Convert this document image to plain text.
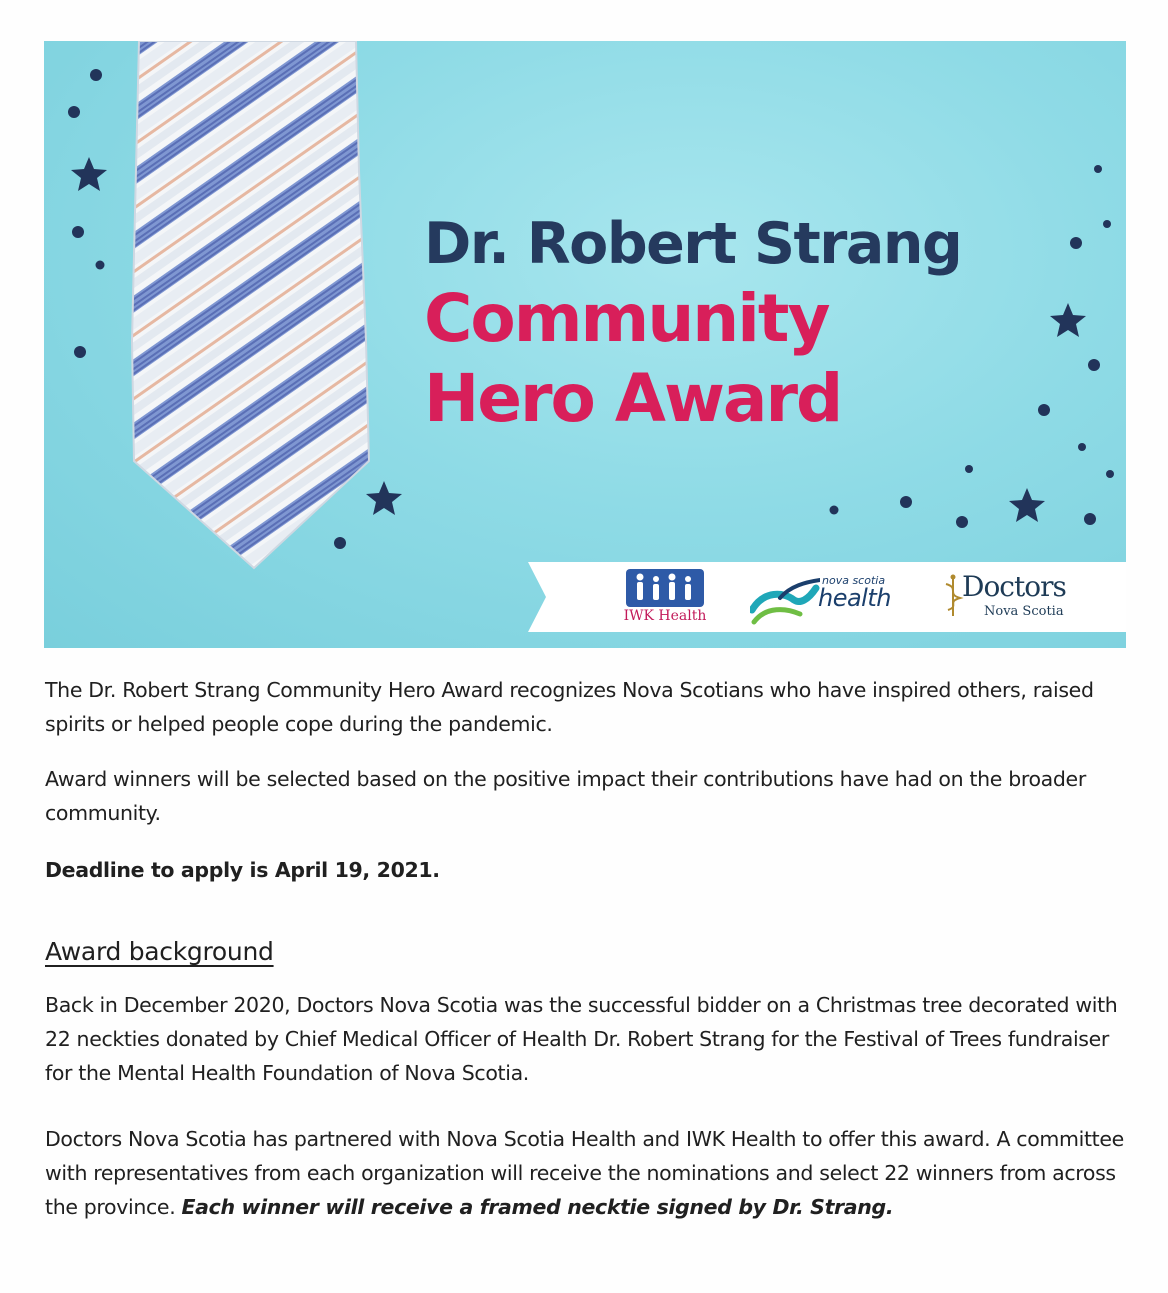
Dr. Robert Strang
Community
Hero Award
IWK Health
nova scotia
health	Doctors
Nova Scotia
The Dr. Robert Strang Community Hero Award recognizes Nova Scotians who have inspired others, raised spirits or helped people cope during the pandemic.
Award winners will be selected based on the positive impact their contributions have had on the broader community.
Deadline to apply is April 19, 2021.
Award background
Back in December 2020, Doctors Nova Scotia was the successful bidder on a Christmas tree decorated with 22 neckties donated by Chief Medical Officer of Health Dr. Robert Strang for the Festival of Trees fundraiser for the Mental Health Foundation of Nova Scotia.
Doctors Nova Scotia has partnered with Nova Scotia Health and IWK Health to offer this award. A committee with representatives from each organization will receive the nominations and select 22 winners from across the province. Each winner will receive a framed necktie signed by Dr. Strang.
